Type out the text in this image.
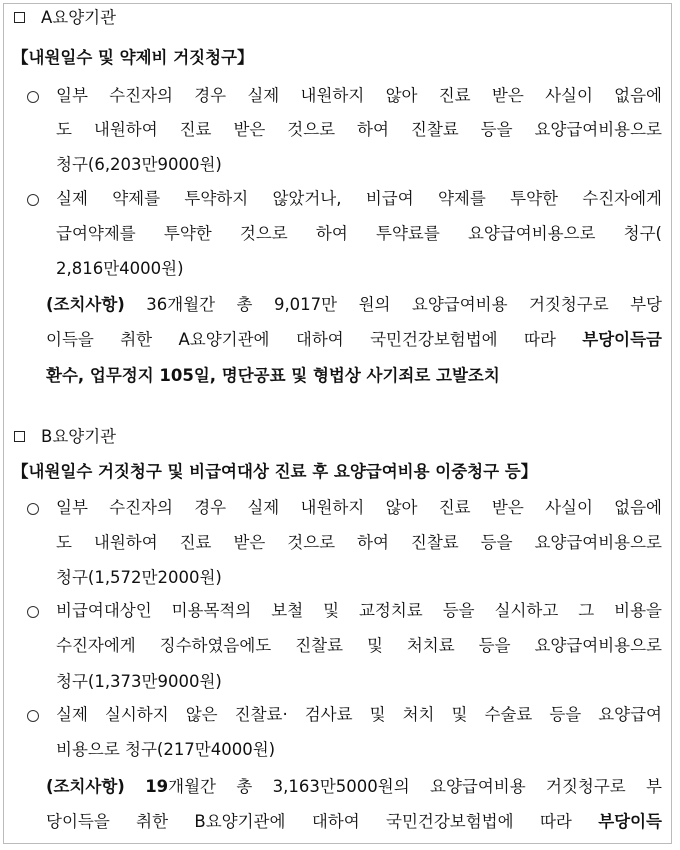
A요양기관
【내원일수 및 약제비 거짓청구】
일부 수진자의 경우 실제 내원하지 않아 진료 받은 사실이 없음에
도 내원하여 진료 받은 것으로 하여 진찰료 등을 요양급여비용으로
청구(6,203만9000원)
실제 약제를 투약하지 않았거나, 비급여 약제를 투약한 수진자에게
급여약제를 투약한 것으로 하여 투약료를 요양급여비용으로 청구(
2,816만4000원)
(조치사항) 36개월간 총 9,017만 원의 요양급여비용 거짓청구로 부당
이득을 취한 A요양기관에 대하여 국민건강보험법에 따라 부당이득금
환수, 업무정지 105일, 명단공표 및 형법상 사기죄로 고발조치
B요양기관
【내원일수 거짓청구 및 비급여대상 진료 후 요양급여비용 이중청구 등】
일부 수진자의 경우 실제 내원하지 않아 진료 받은 사실이 없음에
도 내원하여 진료 받은 것으로 하여 진찰료 등을 요양급여비용으로
청구(1,572만2000원)
비급여대상인 미용목적의 보철 및 교정치료 등을 실시하고 그 비용을
수진자에게 징수하였음에도 진찰료 및 처치료 등을 요양급여비용으로
청구(1,373만9000원)
실제 실시하지 않은 진찰료· 검사료 및 처치 및 수술료 등을 요양급여
비용으로 청구(217만4000원)
(조치사항) 19개월간 총 3,163만5000원의 요양급여비용 거짓청구로 부
당이득을 취한 B요양기관에 대하여 국민건강보험법에 따라 부당이득
